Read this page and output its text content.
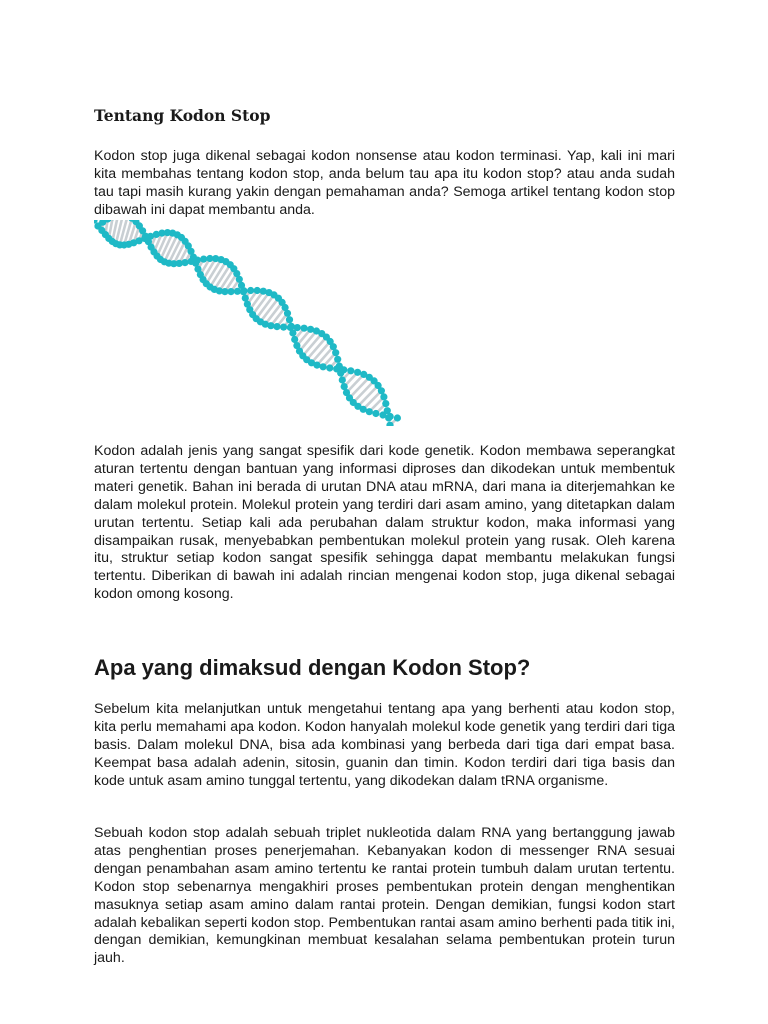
Tentang Kodon Stop

Kodon stop juga dikenal sebagai kodon nonsense atau kodon terminasi. Yap, kali ini mari kita membahas tentang kodon stop, anda belum tau apa itu kodon stop? atau anda sudah tau tapi masih kurang yakin dengan pemahaman anda? Semoga artikel tentang kodon stop dibawah ini dapat membantu anda.

Kodon adalah jenis yang sangat spesifik dari kode genetik. Kodon membawa seperangkat aturan tertentu dengan bantuan yang informasi diproses dan dikodekan untuk membentuk materi genetik. Bahan ini berada di urutan DNA atau mRNA, dari mana ia diterjemahkan ke dalam molekul protein. Molekul protein yang terdiri dari asam amino, yang ditetapkan dalam urutan tertentu. Setiap kali ada perubahan dalam struktur kodon, maka informasi yang disampaikan rusak, menyebabkan pembentukan molekul protein yang rusak. Oleh karena itu, struktur setiap kodon sangat spesifik sehingga dapat membantu melakukan fungsi tertentu. Diberikan di bawah ini adalah rincian mengenai kodon stop, juga dikenal sebagai kodon omong kosong.

Apa yang dimaksud dengan Kodon Stop?

Sebelum kita melanjutkan untuk mengetahui tentang apa yang berhenti atau kodon stop, kita perlu memahami apa kodon. Kodon hanyalah molekul kode genetik yang terdiri dari tiga basis. Dalam molekul DNA, bisa ada kombinasi yang berbeda dari tiga dari empat basa. Keempat basa adalah adenin, sitosin, guanin dan timin. Kodon terdiri dari tiga basis dan kode untuk asam amino tunggal tertentu, yang dikodekan dalam tRNA organisme.

Sebuah kodon stop adalah sebuah triplet nukleotida dalam RNA yang bertanggung jawab atas penghentian proses penerjemahan. Kebanyakan kodon di messenger RNA sesuai dengan penambahan asam amino tertentu ke rantai protein tumbuh dalam urutan tertentu. Kodon stop sebenarnya mengakhiri proses pembentukan protein dengan menghentikan masuknya setiap asam amino dalam rantai protein. Dengan demikian, fungsi kodon start adalah kebalikan seperti kodon stop. Pembentukan rantai asam amino berhenti pada titik ini, dengan demikian, kemungkinan membuat kesalahan selama pembentukan protein turun jauh.
